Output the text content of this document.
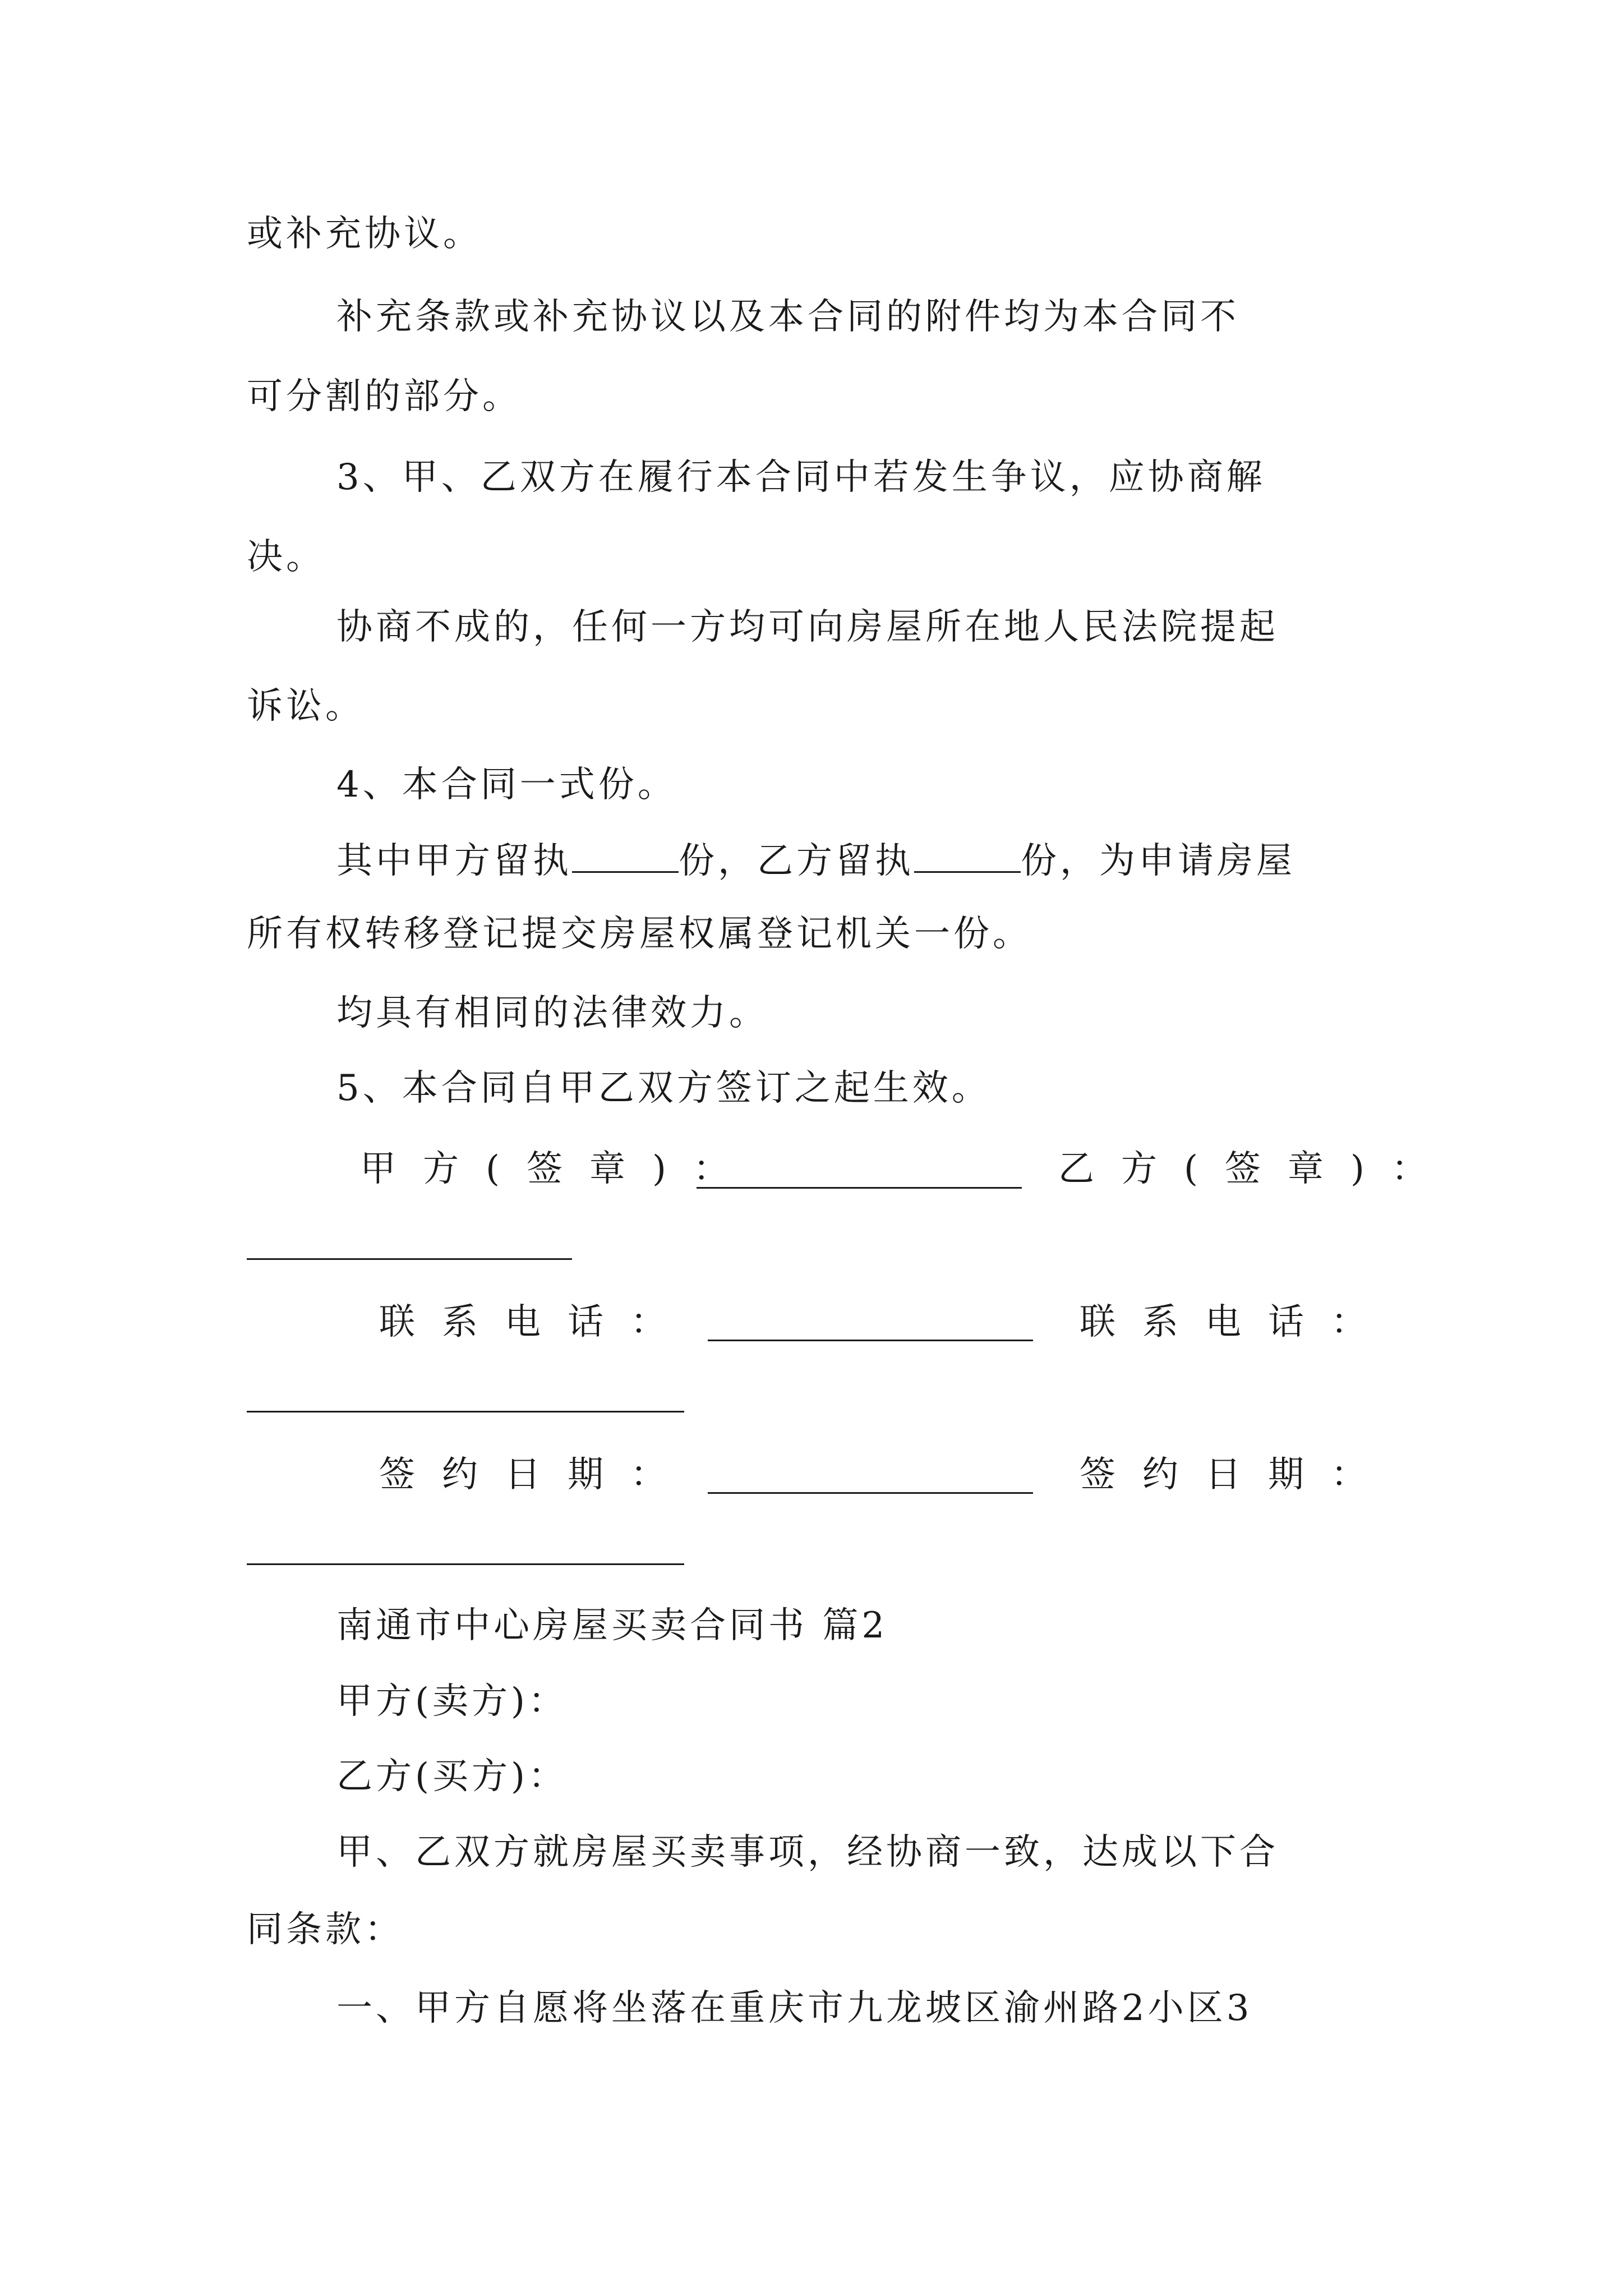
或补充协议。
补充条款或补充协议以及本合同的附件均为本合同不
可分割的部分。
3、甲、乙双方在履行本合同中若发生争议，应协商解
决。
协商不成的，任何一方均可向房屋所在地人民法院提起
诉讼。
4、本合同一式份。
其中甲方留执	份，乙方留执	份，为申请房屋
所有权转移登记提交房屋权属登记机关一份。
均具有相同的法律效力。
5、本合同自甲乙双方签订之起生效。
甲方(签章)：	乙方(签章)：
联系电话：	联系电话：
签约日期：	签约日期：
南通市中心房屋买卖合同书 篇2
甲方(卖方)：
乙方(买方)：
甲、乙双方就房屋买卖事项，经协商一致，达成以下合
同条款：
一、甲方自愿将坐落在重庆市九龙坡区渝州路2小区3
